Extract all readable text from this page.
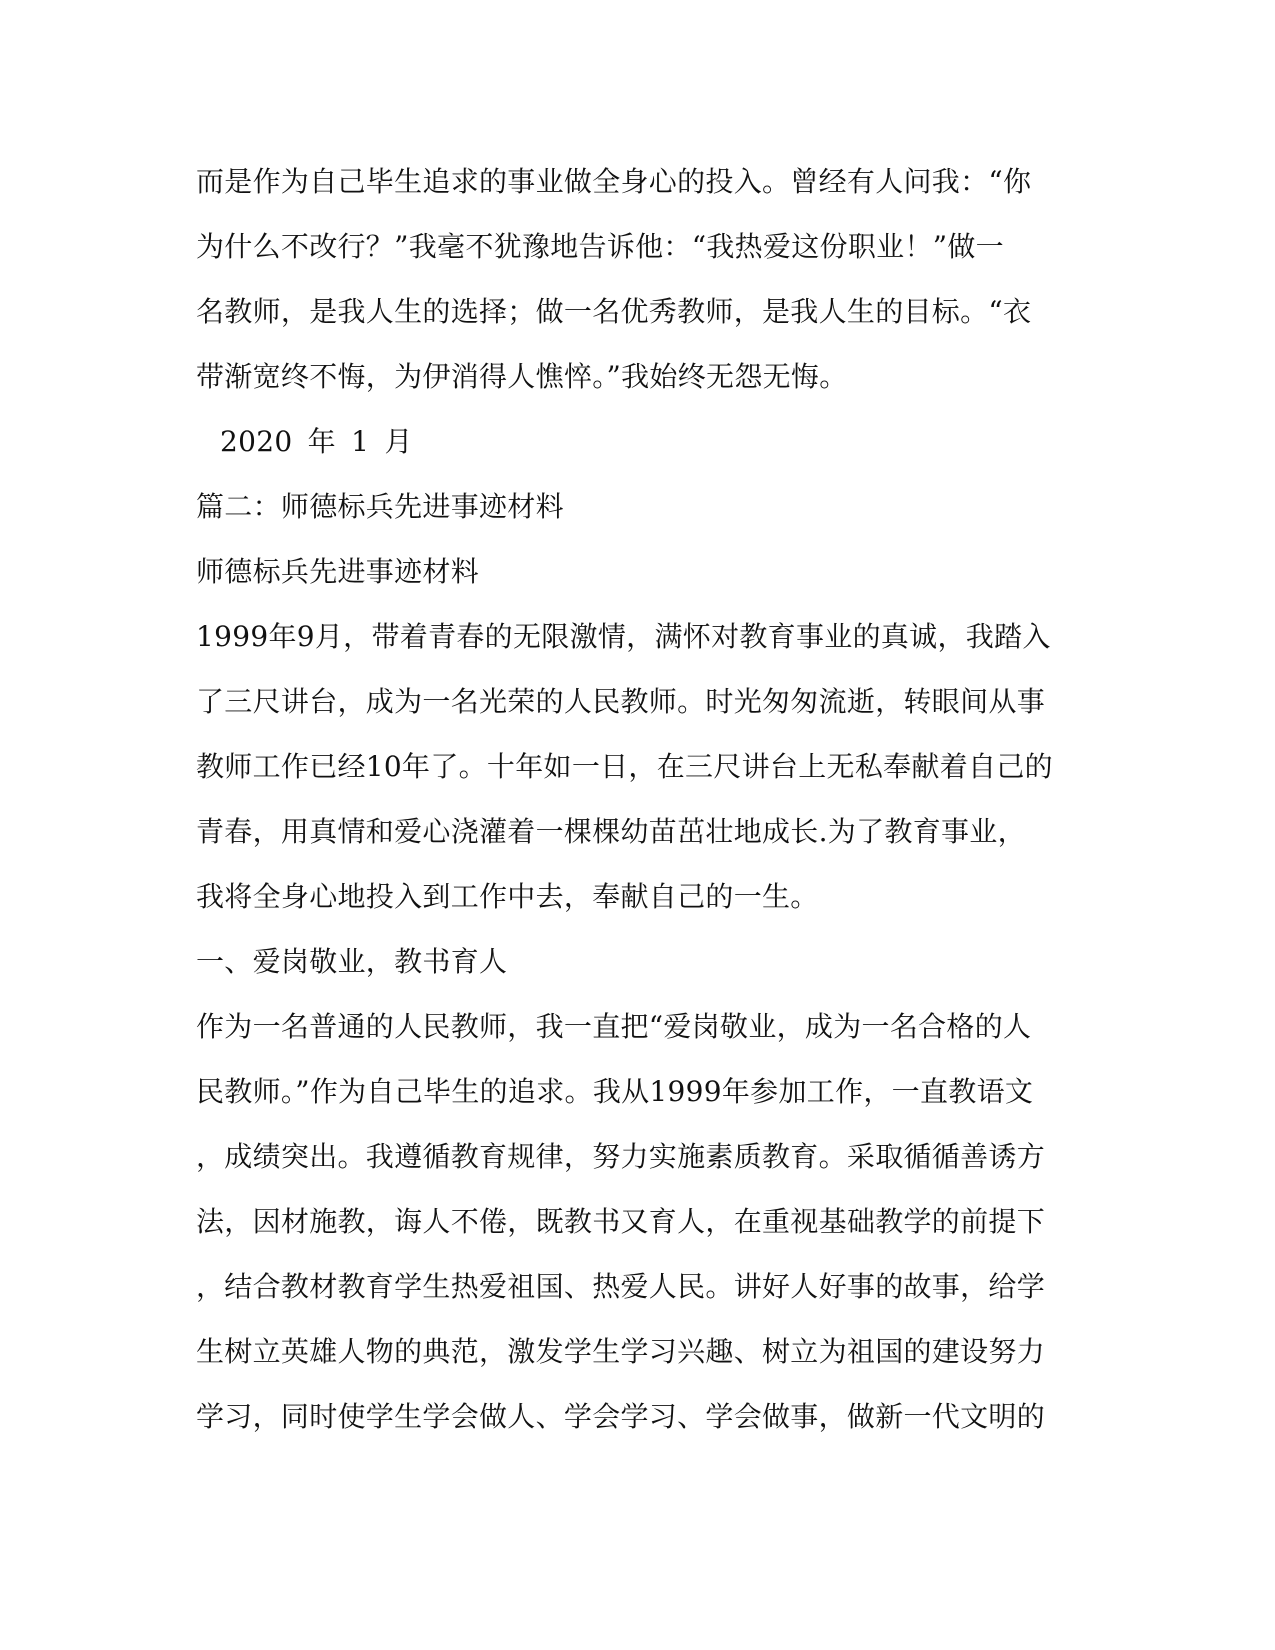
而是作为自己毕生追求的事业做全身心的投入。曾经有人问我：“你
为什么不改行？”我毫不犹豫地告诉他：“我热爱这份职业！”做一
名教师，是我人生的选择；做一名优秀教师，是我人生的目标。“衣
带渐宽终不悔，为伊消得人憔悴。”我始终无怨无悔。
2020 年 1 月
篇二：师德标兵先进事迹材料
师德标兵先进事迹材料
1999年9月，带着青春的无限激情，满怀对教育事业的真诚，我踏入
了三尺讲台，成为一名光荣的人民教师。时光匆匆流逝，转眼间从事
教师工作已经10年了。十年如一日，在三尺讲台上无私奉献着自己的
青春，用真情和爱心浇灌着一棵棵幼苗茁壮地成长.为了教育事业，
我将全身心地投入到工作中去，奉献自己的一生。
一、爱岗敬业，教书育人
作为一名普通的人民教师，我一直把“爱岗敬业，成为一名合格的人
民教师。”作为自己毕生的追求。我从1999年参加工作，一直教语文
，成绩突出。我遵循教育规律，努力实施素质教育。采取循循善诱方
法，因材施教，诲人不倦，既教书又育人，在重视基础教学的前提下
，结合教材教育学生热爱祖国、热爱人民。讲好人好事的故事，给学
生树立英雄人物的典范，激发学生学习兴趣、树立为祖国的建设努力
学习，同时使学生学会做人、学会学习、学会做事，做新一代文明的
